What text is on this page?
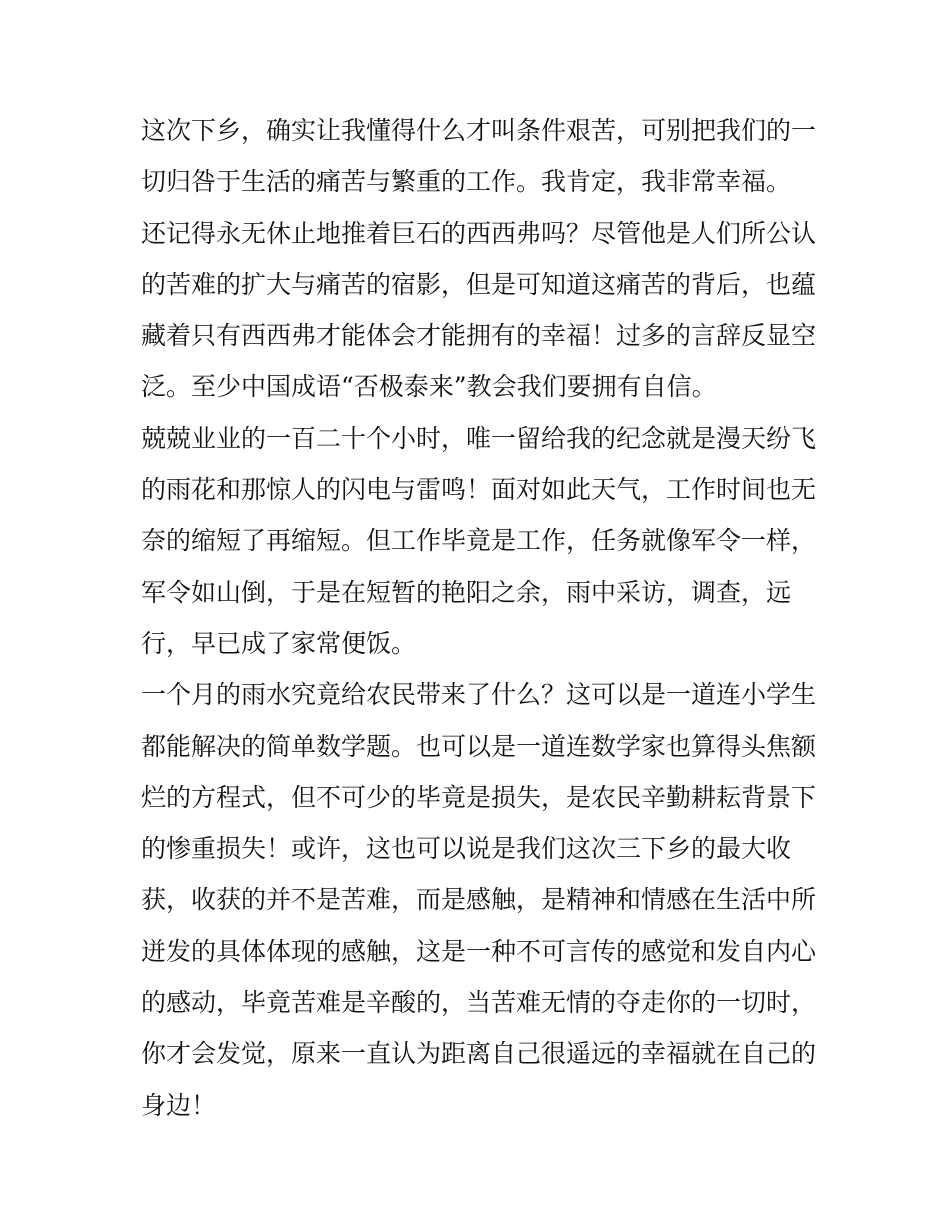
这次下乡，确实让我懂得什么才叫条件艰苦，可别把我们的一
切归咎于生活的痛苦与繁重的工作。我肯定，我非常幸福。
还记得永无休止地推着巨石的西西弗吗？尽管他是人们所公认
的苦难的扩大与痛苦的宿影，但是可知道这痛苦的背后，也蕴
藏着只有西西弗才能体会才能拥有的幸福！过多的言辞反显空
泛。至少中国成语“否极泰来”教会我们要拥有自信。
兢兢业业的一百二十个小时，唯一留给我的纪念就是漫天纷飞
的雨花和那惊人的闪电与雷鸣！面对如此天气，工作时间也无
奈的缩短了再缩短。但工作毕竟是工作，任务就像军令一样，
军令如山倒，于是在短暂的艳阳之余，雨中采访，调查，远
行，早已成了家常便饭。
一个月的雨水究竟给农民带来了什么？这可以是一道连小学生
都能解决的简单数学题。也可以是一道连数学家也算得头焦额
烂的方程式，但不可少的毕竟是损失，是农民辛勤耕耘背景下
的惨重损失！或许，这也可以说是我们这次三下乡的最大收
获，收获的并不是苦难，而是感触，是精神和情感在生活中所
迸发的具体体现的感触，这是一种不可言传的感觉和发自内心
的感动，毕竟苦难是辛酸的，当苦难无情的夺走你的一切时，
你才会发觉，原来一直认为距离自己很遥远的幸福就在自己的
身边！
